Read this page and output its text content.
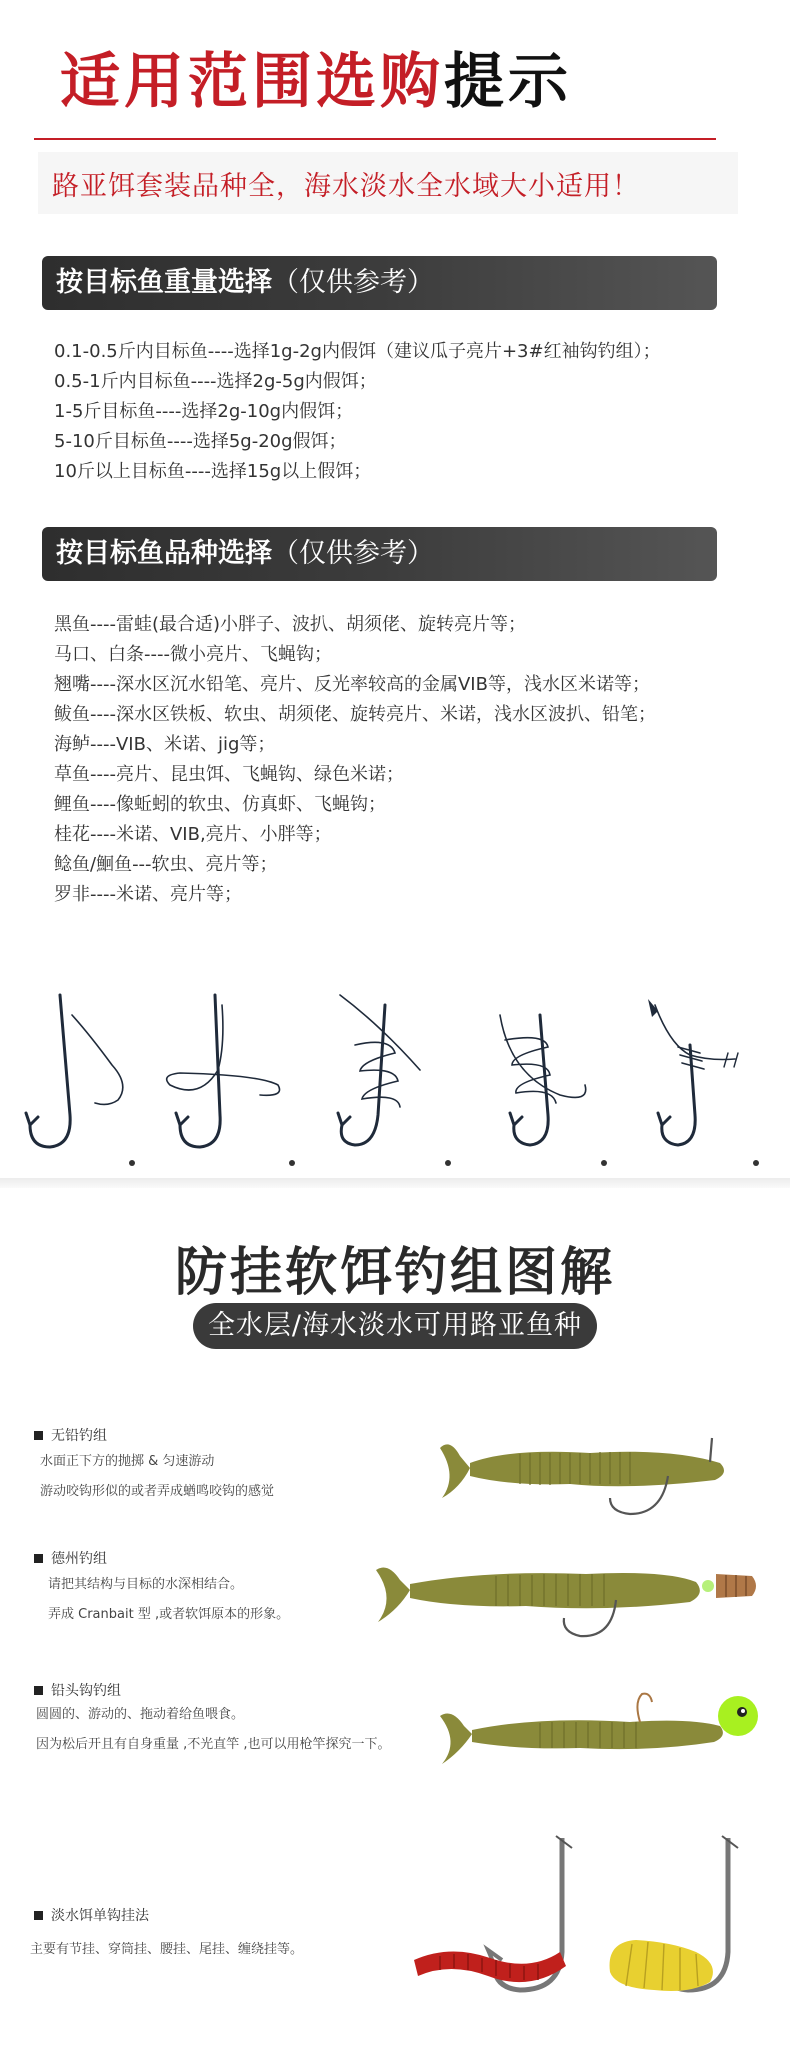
适用范围选购提示
路亚饵套装品种全，海水淡水全水域大小适用！
按目标鱼重量选择（仅供参考）
0.1-0.5斤内目标鱼----选择1g-2g内假饵（建议瓜子亮片+3#红袖钩钓组）；
0.5-1斤内目标鱼----选择2g-5g内假饵；
1-5斤目标鱼----选择2g-10g内假饵；
5-10斤目标鱼----选择5g-20g假饵；
10斤以上目标鱼----选择15g以上假饵；
按目标鱼品种选择（仅供参考）
黑鱼----雷蛙(最合适)小胖子、波扒、胡须佬、旋转亮片等；
马口、白条----微小亮片、飞蝇钩；
翘嘴----深水区沉水铅笔、亮片、反光率较高的金属VIB等，浅水区米诺等；
鲅鱼----深水区铁板、软虫、胡须佬、旋转亮片、米诺，浅水区波扒、铅笔；
海鲈----VIB、米诺、jig等；
草鱼----亮片、昆虫饵、飞蝇钩、绿色米诺；
鲤鱼----像蚯蚓的软虫、仿真虾、飞蝇钩；
桂花----米诺、VIB,亮片、小胖等；
鲶鱼/鮰鱼---软虫、亮片等；
罗非----米诺、亮片等；
防挂软饵钓组图解
全水层/海水淡水可用路亚鱼种
无铅钓组
水面正下方的抛掷 & 匀速游动
游动咬钩形似的或者弄成蝤鸣咬钩的感觉
德州钓组
请把其结构与目标的水深相结合。
弄成 Cranbait 型 ,或者软饵原本的形象。
铅头钩钓组
圆圆的、游动的、拖动着给鱼喂食。
因为松后开且有自身重量 ,不光直竿 ,也可以用枪竿探究一下。
淡水饵单钩挂法
主要有节挂、穿筒挂、腰挂、尾挂、缠绕挂等。
